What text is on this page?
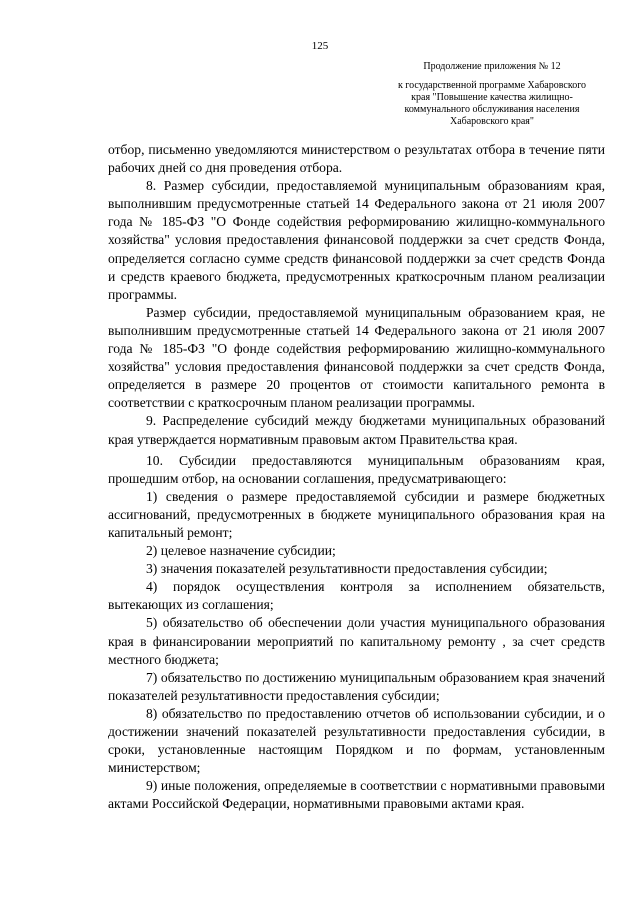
125
Продолжение приложения № 12
к государственной программе Хабаровского края "Повышение качества жилищно-коммунального обслуживания населения Хабаровского края"

отбор, письменно уведомляются министерством о результатах отбора в течение пяти рабочих дней со дня проведения отбора.

8. Размер субсидии, предоставляемой муниципальным образованиям края, выполнившим предусмотренные статьей 14 Федерального закона от 21 июля 2007 года № 185-ФЗ "О Фонде содействия реформированию жилищно-коммунального хозяйства" условия предоставления финансовой поддержки за счет средств Фонда, определяется согласно сумме средств финансовой поддержки за счет средств Фонда и средств краевого бюджета, предусмотренных краткосрочным планом реализации программы.

Размер субсидии, предоставляемой муниципальным образованием края, не выполнившим предусмотренные статьей 14 Федерального закона от 21 июля 2007 года № 185-ФЗ "О фонде содействия реформированию жилищно-коммунального хозяйства" условия предоставления финансовой поддержки за счет средств Фонда, определяется в размере 20 процентов от стоимости капитального ремонта в соответствии с краткосрочным планом реализации программы.

9. Распределение субсидий между бюджетами муниципальных образований края утверждается нормативным правовым актом Правительства края.

10. Субсидии предоставляются муниципальным образованиям края, прошедшим отбор, на основании соглашения, предусматривающего:

1) сведения о размере предоставляемой субсидии и размере бюджетных ассигнований, предусмотренных в бюджете муниципального образования края на капитальный ремонт;

2) целевое назначение субсидии;

3) значения показателей результативности предоставления субсидии;

4) порядок осуществления контроля за исполнением обязательств, вытекающих из соглашения;

5) обязательство об обеспечении доли участия муниципального образования края в финансировании мероприятий по капитальному ремонту , за счет средств местного бюджета;

7) обязательство по достижению муниципальным образованием края значений показателей результативности предоставления субсидии;

8) обязательство по предоставлению отчетов об использовании субсидии, и о достижении значений показателей результативности предоставления субсидии, в сроки, установленные настоящим Порядком и по формам, установленным министерством;

9) иные положения, определяемые в соответствии с нормативными правовыми актами Российской Федерации, нормативными правовыми актами края.
